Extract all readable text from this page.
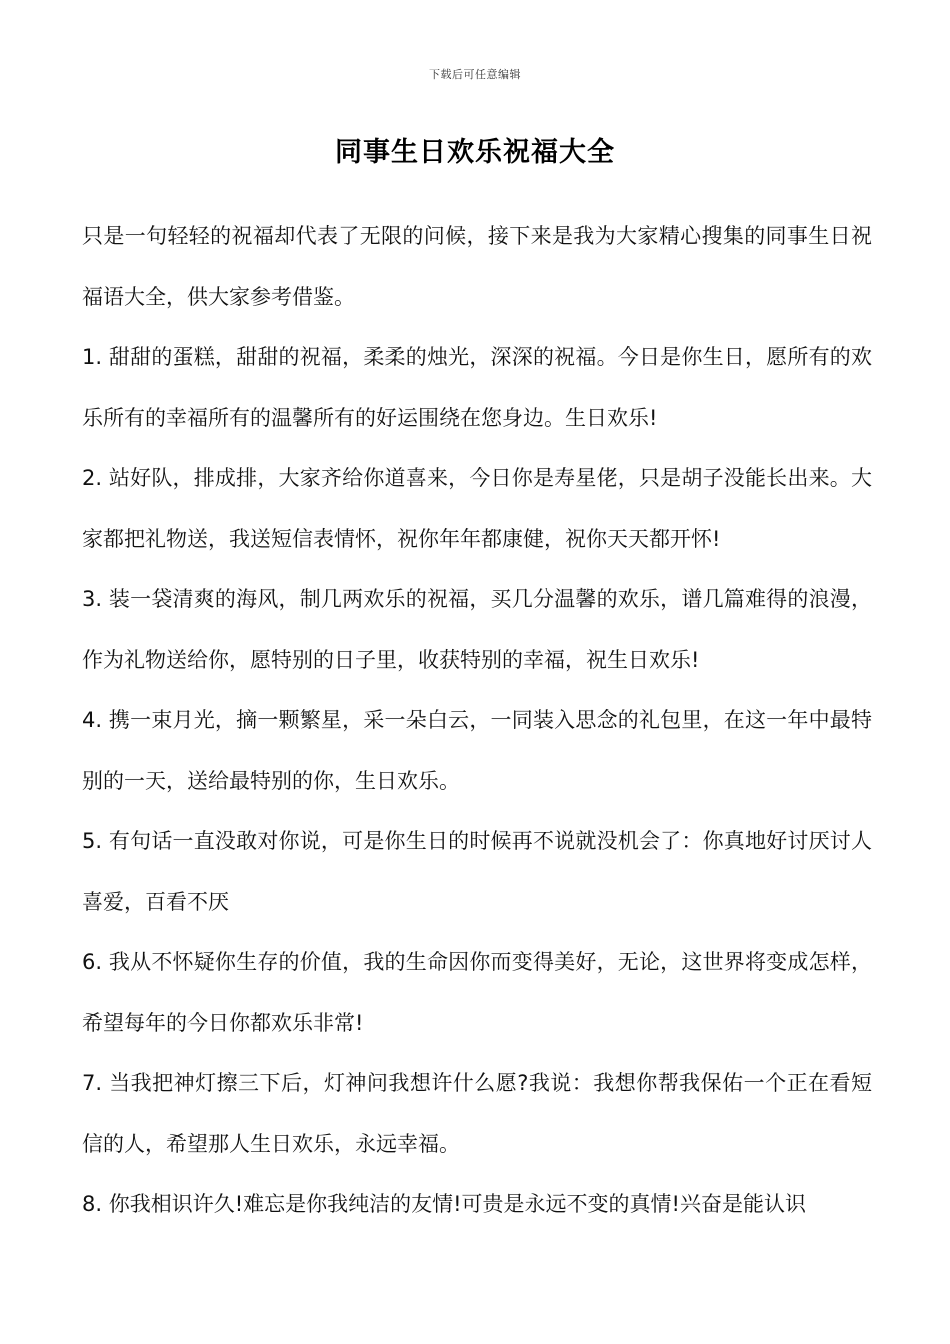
下载后可任意编辑
同事生日欢乐祝福大全

只是一句轻轻的祝福却代表了无限的问候，接下来是我为大家精心搜集的同事生日祝福语大全，供大家参考借鉴。

1. 甜甜的蛋糕，甜甜的祝福，柔柔的烛光，深深的祝福。今日是你生日，愿所有的欢乐所有的幸福所有的温馨所有的好运围绕在您身边。生日欢乐!

2. 站好队，排成排，大家齐给你道喜来，今日你是寿星佬，只是胡子没能长出来。大家都把礼物送，我送短信表情怀，祝你年年都康健，祝你天天都开怀!

3. 装一袋清爽的海风，制几两欢乐的祝福，买几分温馨的欢乐，谱几篇难得的浪漫，作为礼物送给你，愿特别的日子里，收获特别的幸福，祝生日欢乐!

4. 携一束月光，摘一颗繁星，采一朵白云，一同装入思念的礼包里，在这一年中最特别的一天，送给最特别的你，生日欢乐。

5. 有句话一直没敢对你说，可是你生日的时候再不说就没机会了：你真地好讨厌讨人喜爱，百看不厌

6. 我从不怀疑你生存的价值，我的生命因你而变得美好，无论，这世界将变成怎样，希望每年的今日你都欢乐非常!

7. 当我把神灯擦三下后，灯神问我想许什么愿?我说：我想你帮我保佑一个正在看短信的人，希望那人生日欢乐，永远幸福。

8. 你我相识许久!难忘是你我纯洁的友情!可贵是永远不变的真情!兴奋是能认识
